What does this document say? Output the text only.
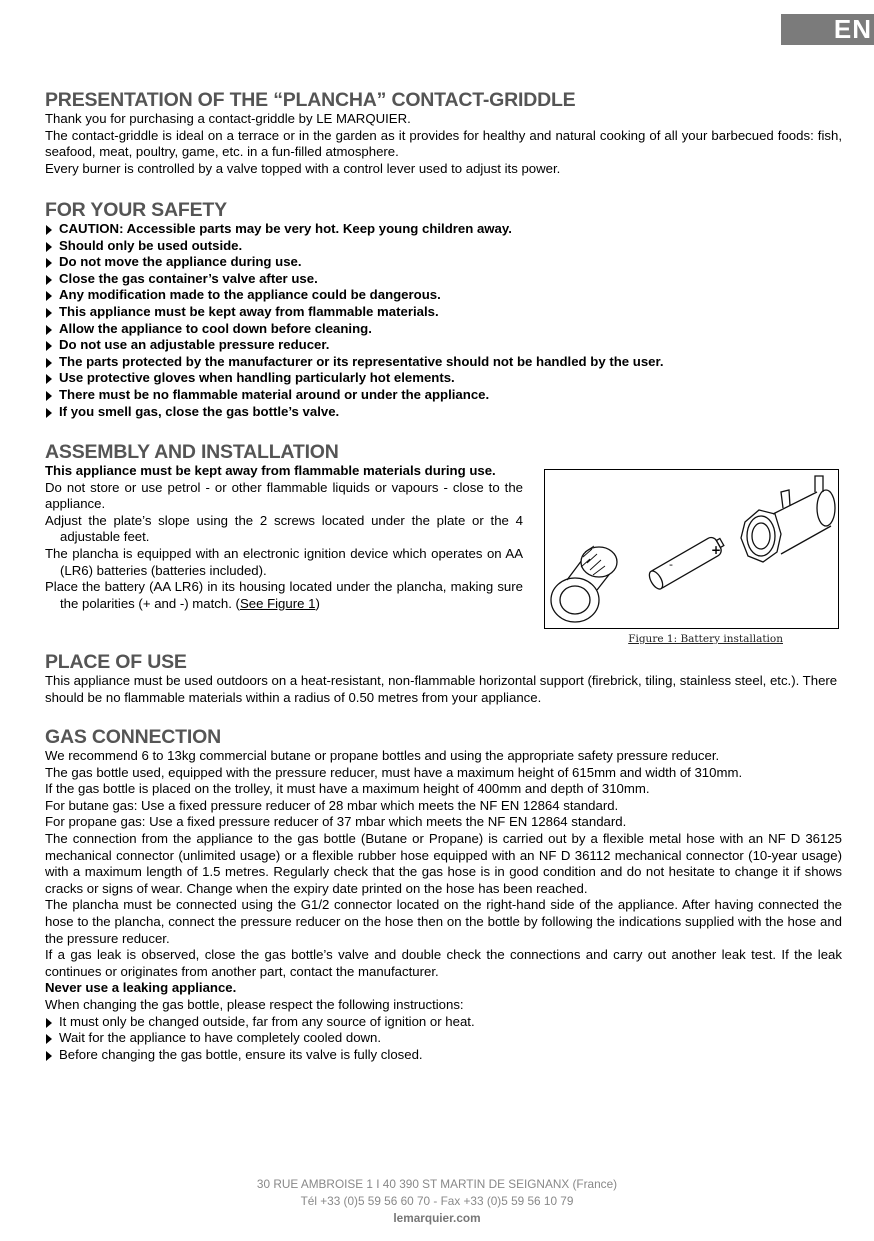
EN
PRESENTATION OF THE “PLANCHA” CONTACT-GRIDDLE

Thank you for purchasing a contact-griddle by LE MARQUIER.

The contact-griddle is ideal on a terrace or in the garden as it provides for healthy and natural cooking of all your barbecued foods: fish, seafood, meat, poultry, game, etc. in a fun-filled atmosphere.

Every burner is controlled by a valve topped with a control lever used to adjust its power.

FOR YOUR SAFETY
CAUTION: Accessible parts may be very hot. Keep young children away.
Should only be used outside.
Do not move the appliance during use.
Close the gas container’s valve after use.
Any modification made to the appliance could be dangerous.
This appliance must be kept away from flammable materials.
Allow the appliance to cool down before cleaning.
Do not use an adjustable pressure reducer.
The parts protected by the manufacturer or its representative should not be handled by the user.
Use protective gloves when handling particularly hot elements.
There must be no flammable material around or under the appliance.
If you smell gas, close the gas bottle’s valve.
ASSEMBLY AND INSTALLATION

This appliance must be kept away from flammable materials during use.

Do not store or use petrol - or other flammable liquids or vapours - close to the appliance.

Adjust the plate’s slope using the 2 screws located under the plate or the 4 adjustable feet.

The plancha is equipped with an electronic ignition device which operates on AA (LR6) batteries (batteries included).

Place the battery (AA LR6) in its housing located under the plancha, making sure the polarities (+ and -) match. (See Figure 1)

+
-
Figure 1: Battery installation
PLACE OF USE

This appliance must be used outdoors on a heat-resistant, non-flammable horizontal support (firebrick, tiling, stainless steel, etc.). There should be no flammable materials within a radius of 0.50 metres from your appliance.

GAS CONNECTION

We recommend 6 to 13kg commercial butane or propane bottles and using the appropriate safety pressure reducer.

The gas bottle used, equipped with the pressure reducer, must have a maximum height of 615mm and width of 310mm.

If the gas bottle is placed on the trolley, it must have a maximum height of 400mm and depth of 310mm.

For butane gas: Use a fixed pressure reducer of 28 mbar which meets the NF EN 12864 standard.

For propane gas: Use a fixed pressure reducer of 37 mbar which meets the NF EN 12864 standard.

The connection from the appliance to the gas bottle (Butane or Propane) is carried out by a flexible metal hose with an NF D 36125 mechanical connector (unlimited usage) or a flexible rubber hose equipped with an NF D 36112 mechanical connector (10-year usage) with a maximum length of 1.5 metres. Regularly check that the gas hose is in good condition and do not hesitate to change it if shows cracks or signs of wear. Change when the expiry date printed on the hose has been reached.

The plancha must be connected using the G1/2 connector located on the right-hand side of the appliance. After having connected the hose to the plancha, connect the pressure reducer on the hose then on the bottle by following the indications supplied with the hose and the pressure reducer.

If a gas leak is observed, close the gas bottle’s valve and double check the connections and carry out another leak test. If the leak continues or originates from another part, contact the manufacturer.

Never use a leaking appliance.

When changing the gas bottle, please respect the following instructions:

It must only be changed outside, far from any source of ignition or heat.
Wait for the appliance to have completely cooled down.
Before changing the gas bottle, ensure its valve is fully closed.
30 RUE AMBROISE 1 I 40 390 ST MARTIN DE SEIGNANX (France)
Tél +33 (0)5 59 56 60 70 - Fax +33 (0)5 59 56 10 79
lemarquier.com
